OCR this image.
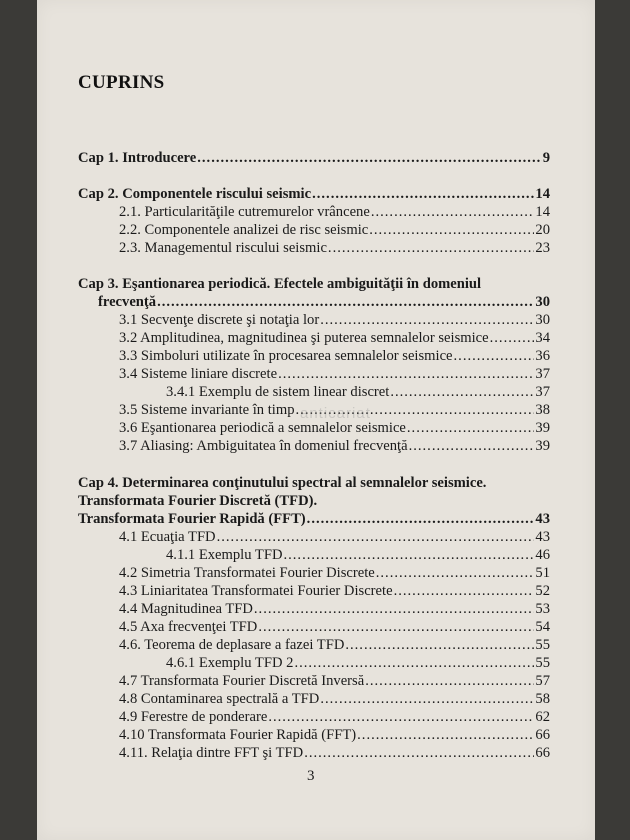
CUPRINS
Cap 1. Introducere .....	9
Cap 2. Componentele riscului seismic .....	14
2.1. Particularităţile cutremurelor vrâncene .....	14
2.2. Componentele analizei de risc seismic .....	20
2.3. Managementul riscului seismic .....	23
Cap 3. Eşantionarea periodică. Efectele ambiguităţii în domeniul
frecvenţă .....	30
3.1 Secvenţe discrete şi notaţia lor .....	30
3.2 Amplitudinea, magnitudinea şi puterea semnalelor seismice .....	34
3.3 Simboluri utilizate în procesarea semnalelor seismice .....	36
3.4 Sisteme liniare discrete .....	37
3.4.1 Exemplu de sistem linear discret .....	37
3.5 Sisteme invariante în timp .....	38
3.6 Eşantionarea periodică a semnalelor seismice .....	39
3.7 Aliasing: Ambiguitatea în domeniul frecvenţă .....	39
Cap 4. Determinarea conţinutului spectral al semnalelor seismice.
Transformata Fourier Discretă (TFD).
Transformata Fourier Rapidă (FFT) .....	43
4.1 Ecuaţia TFD .....	43
4.1.1 Exemplu TFD .....	46
4.2 Simetria Transformatei Fourier Discrete .....	51
4.3 Liniaritatea Transformatei Fourier Discrete .....	52
4.4 Magnitudinea TFD .....	53
4.5 Axa frecvenţei TFD .....	54
4.6. Teorema de deplasare a fazei TFD .....	55
4.6.1 Exemplu TFD 2 .....	55
4.7 Transformata Fourier Discretă Inversă .....	57
4.8 Contaminarea spectrală a TFD .....	58
4.9 Ferestre de ponderare .....	62
4.10 Transformata Fourier Rapidă (FFT) .....	66
4.11. Relaţia dintre FFT şi TFD .....	66
3
anticariat
